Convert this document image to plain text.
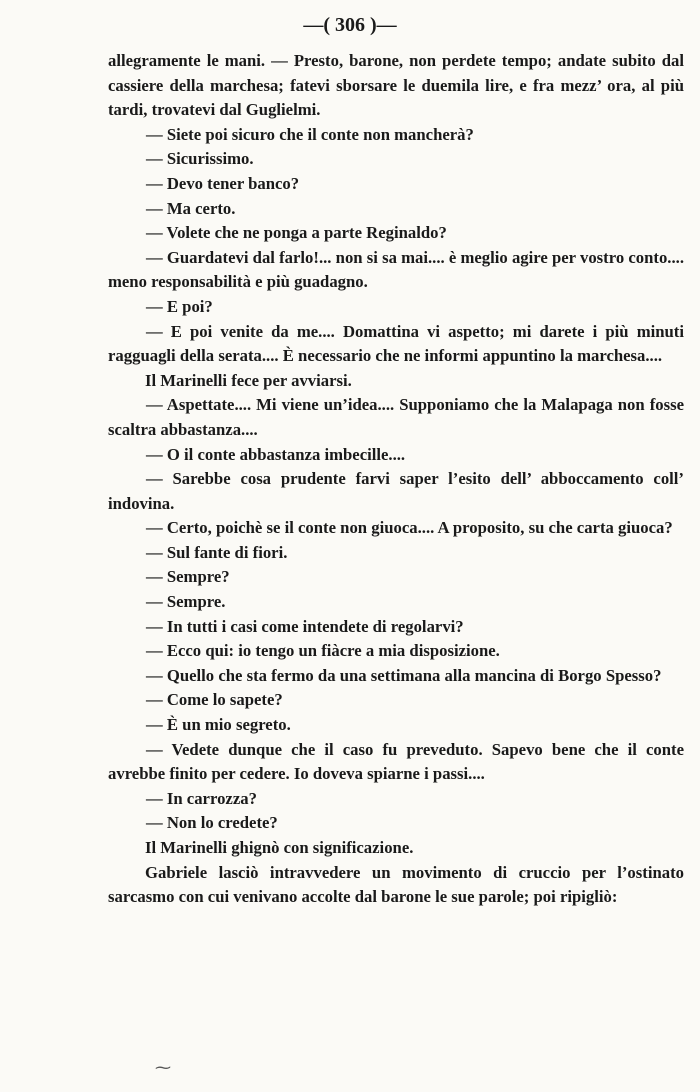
—( 306 )—

allegramente le mani. — Presto, barone, non perdete tempo; andate subito dal cassiere della marchesa; fatevi sborsare le duemila lire, e fra mezz’ ora, al più tardi, trovatevi dal Guglielmi.

— Siete poi sicuro che il conte non mancherà?

— Sicurissimo.

— Devo tener banco?

— Ma certo.

— Volete che ne ponga a parte Reginaldo?

— Guardatevi dal farlo!... non si sa mai.... è meglio agire per vostro conto.... meno responsabilità e più guadagno.

— E poi?

— E poi venite da me.... Domattina vi aspetto; mi darete i più minuti ragguagli della serata.... È necessario che ne informi appuntino la marchesa....

Il Marinelli fece per avviarsi.

— Aspettate.... Mi viene un’idea.... Supponiamo che la Malapaga non fosse scaltra abbastanza....

— O il conte abbastanza imbecille....

— Sarebbe cosa prudente farvi saper l’esito dell’ abboccamento coll’ indovina.

— Certo, poichè se il conte non giuoca.... A proposito, su che carta giuoca?

— Sul fante di fiori.

— Sempre?

— Sempre.

— In tutti i casi come intendete di regolarvi?

— Ecco qui: io tengo un fiàcre a mia disposizione.

— Quello che sta fermo da una settimana alla mancina di Borgo Spesso?

— Come lo sapete?

— È un mio segreto.

— Vedete dunque che il caso fu preveduto. Sapevo bene che il conte avrebbe finito per cedere. Io doveva spiarne i passi....

— In carrozza?

— Non lo credete?

Il Marinelli ghignò con significazione.

Gabriele lasciò intravvedere un movimento di cruccio per l’ostinato sarcasmo con cui venivano accolte dal barone le sue parole; poi ripigliò:

⁓
